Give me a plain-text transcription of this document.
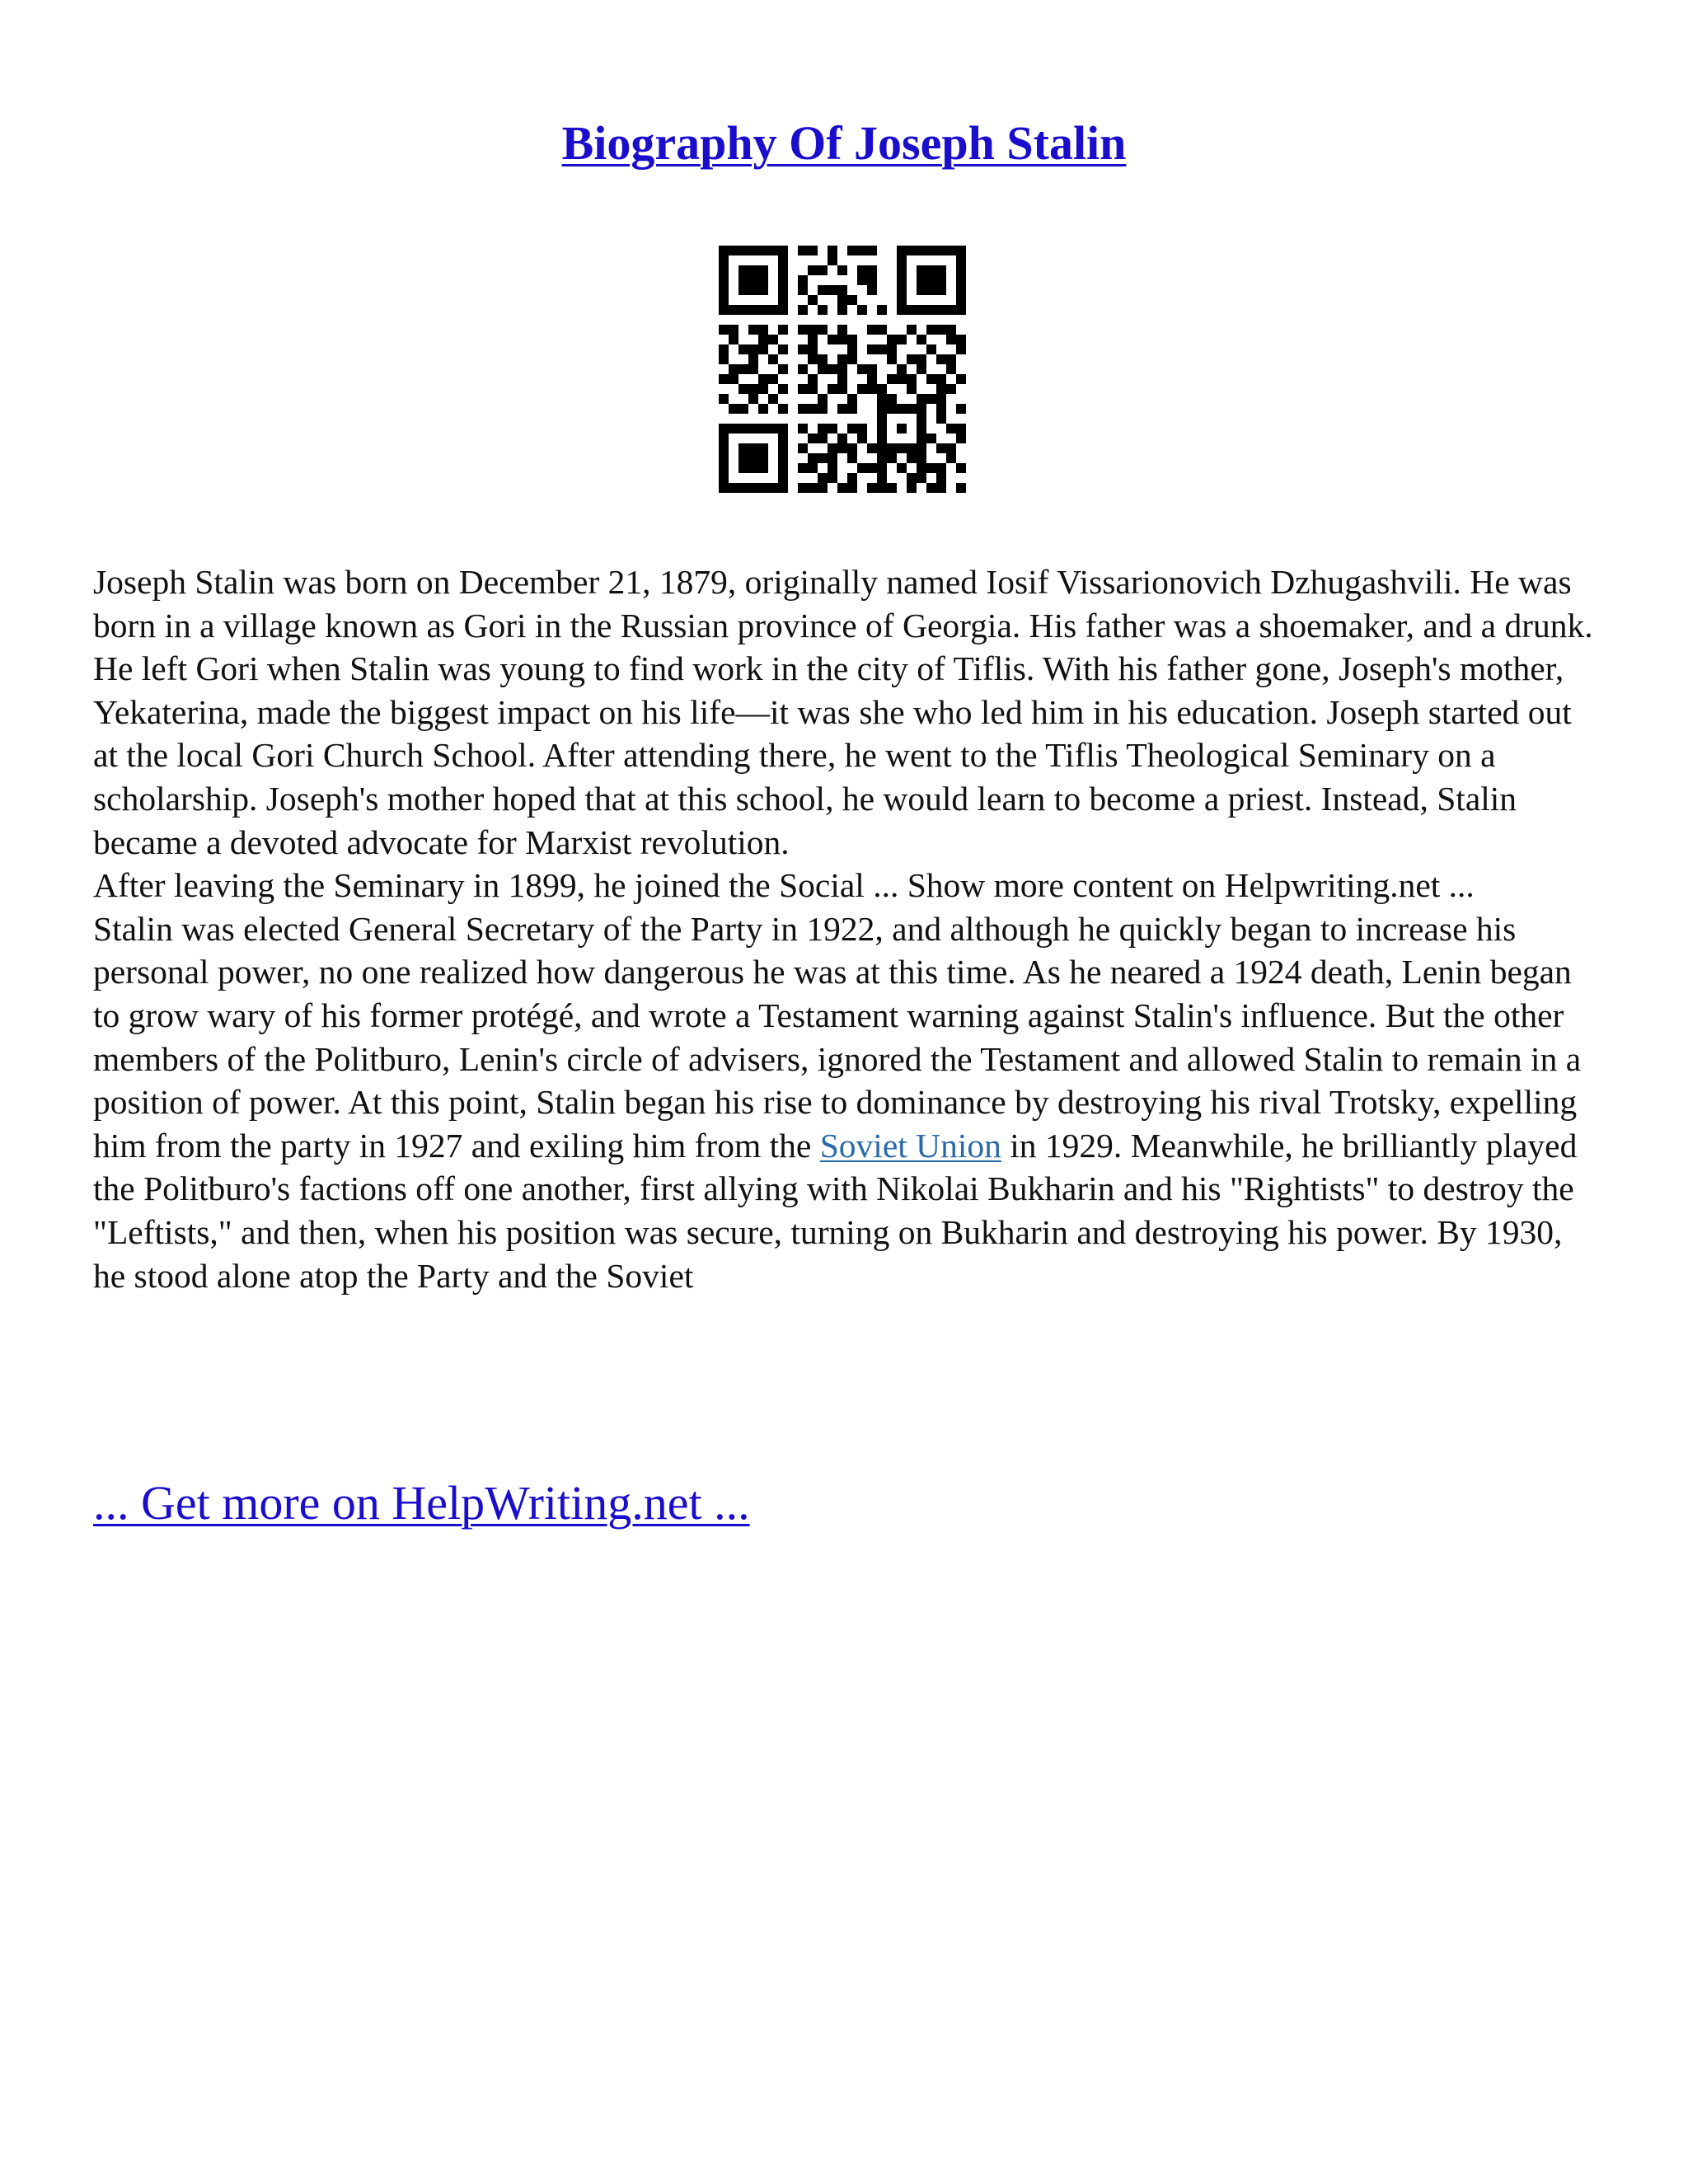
Biography Of Joseph Stalin

Joseph Stalin was born on December 21, 1879, originally named Iosif Vissarionovich Dzhugashvili. He was born in a village known as Gori in the Russian province of Georgia. His father was a shoemaker, and a drunk. He left Gori when Stalin was young to find work in the city of Tiflis. With his father gone, Joseph's mother, Yekaterina, made the biggest impact on his life—it was she who led him in his education. Joseph started out at the local Gori Church School. After attending there, he went to the Tiflis Theological Seminary on a scholarship. Joseph's mother hoped that at this school, he would learn to become a priest. Instead, Stalin became a devoted advocate for Marxist revolution.

After leaving the Seminary in 1899, he joined the Social ... Show more content on Helpwriting.net ...

Stalin was elected General Secretary of the Party in 1922, and although he quickly began to increase his personal power, no one realized how dangerous he was at this time. As he neared a 1924 death, Lenin began to grow wary of his former protégé, and wrote a Testament warning against Stalin's influence. But the other members of the Politburo, Lenin's circle of advisers, ignored the Testament and allowed Stalin to remain in a position of power. At this point, Stalin began his rise to dominance by destroying his rival Trotsky, expelling him from the party in 1927 and exiling him from the Soviet Union in 1929. Meanwhile, he brilliantly played the Politburo's factions off one another, first allying with Nikolai Bukharin and his "Rightists" to destroy the "Leftists," and then, when his position was secure, turning on Bukharin and destroying his power. By 1930, he stood alone atop the Party and the Soviet

... Get more on HelpWriting.net ...
